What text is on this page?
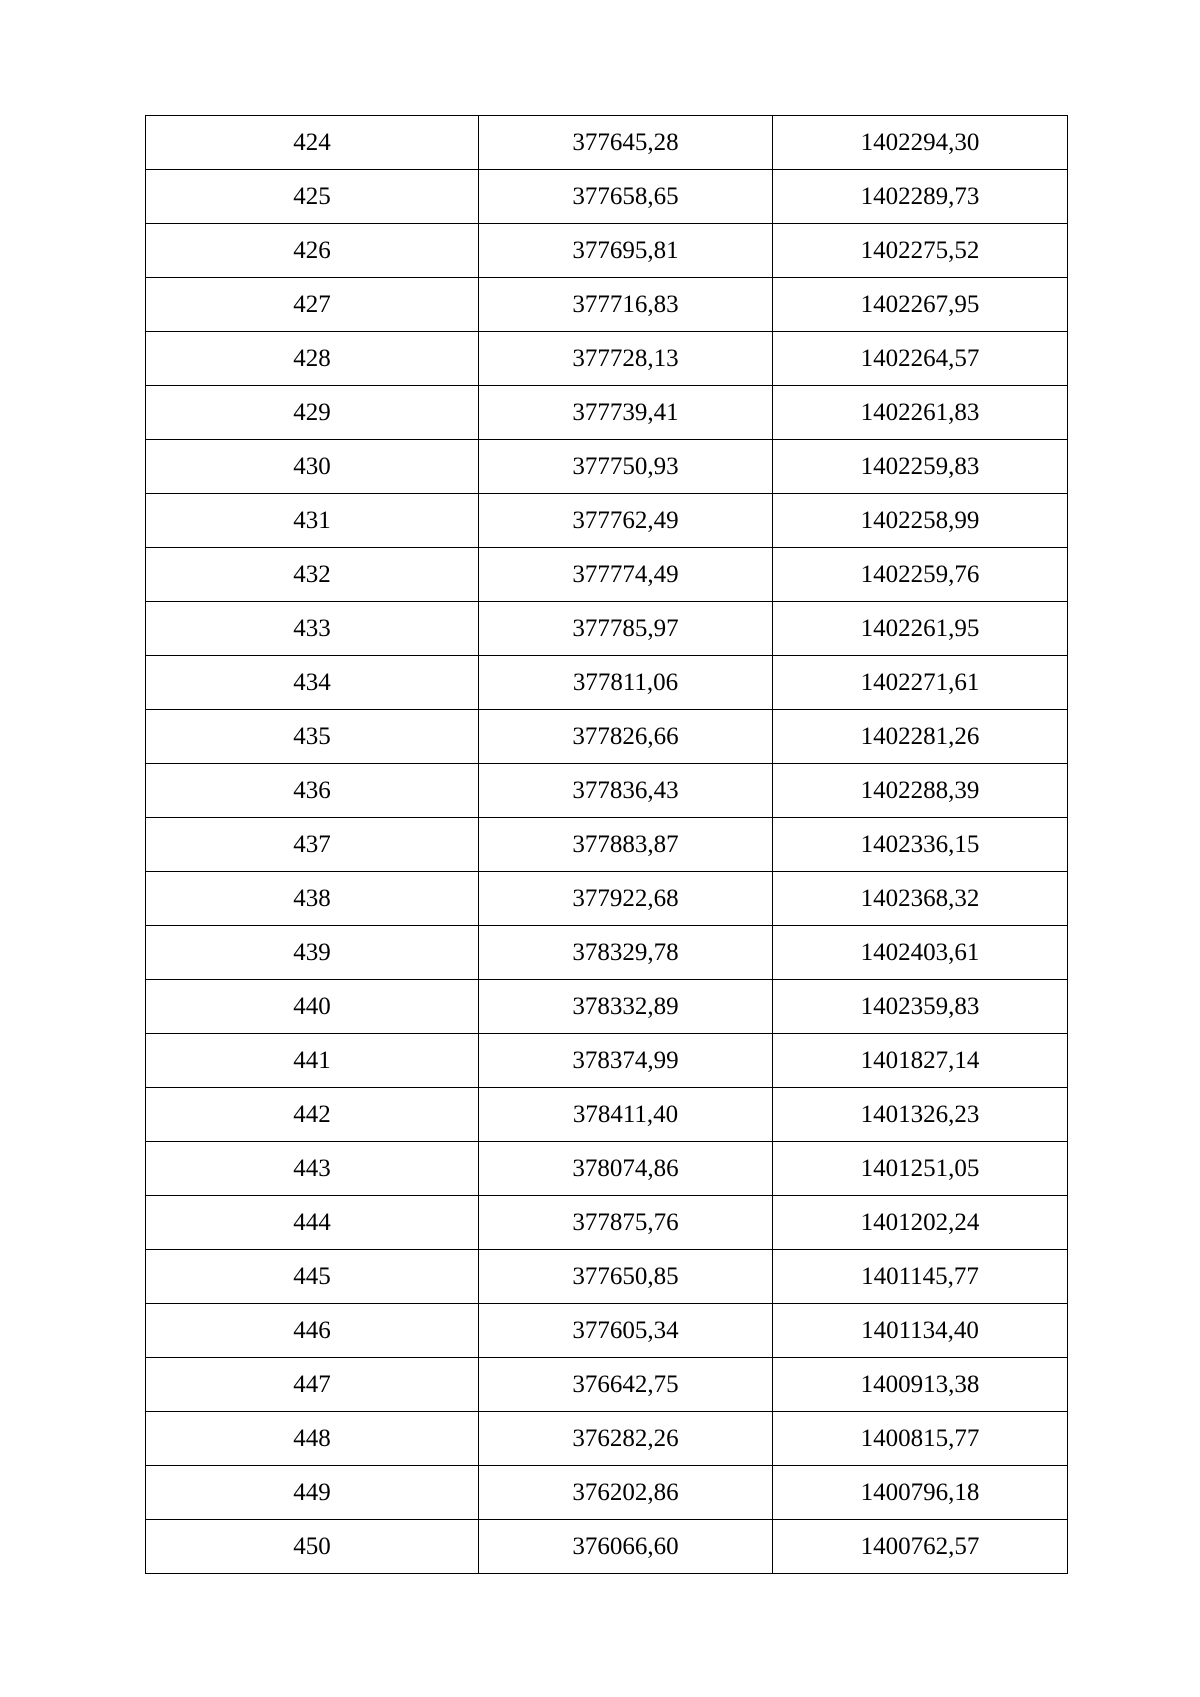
424	377645,28	1402294,30
425	377658,65	1402289,73
426	377695,81	1402275,52
427	377716,83	1402267,95
428	377728,13	1402264,57
429	377739,41	1402261,83
430	377750,93	1402259,83
431	377762,49	1402258,99
432	377774,49	1402259,76
433	377785,97	1402261,95
434	377811,06	1402271,61
435	377826,66	1402281,26
436	377836,43	1402288,39
437	377883,87	1402336,15
438	377922,68	1402368,32
439	378329,78	1402403,61
440	378332,89	1402359,83
441	378374,99	1401827,14
442	378411,40	1401326,23
443	378074,86	1401251,05
444	377875,76	1401202,24
445	377650,85	1401145,77
446	377605,34	1401134,40
447	376642,75	1400913,38
448	376282,26	1400815,77
449	376202,86	1400796,18
450	376066,60	1400762,57
